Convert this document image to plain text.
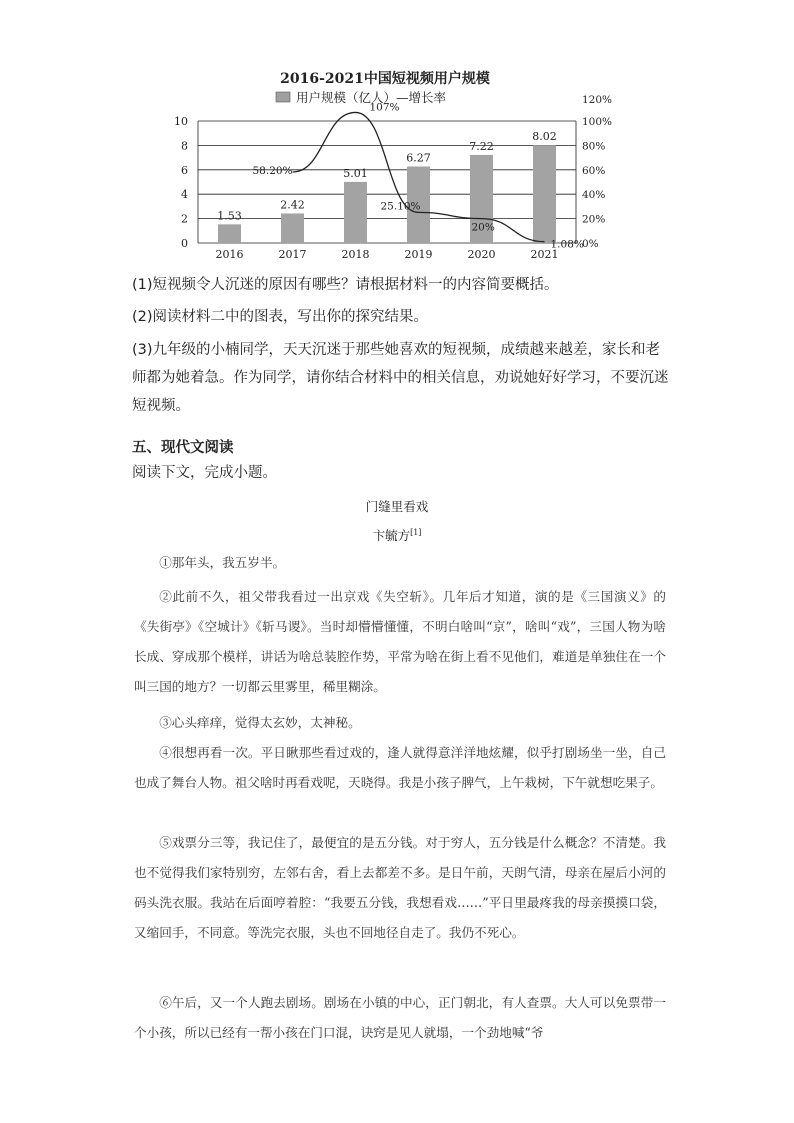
2016-2021中国短视频用户规模
用户规模（亿人） —增长率
1.53
2.42
5.01
6.27
7.22
8.02
58.20%
107%
25.10%
20%
1.08%
0
2
4
6
8
10
0%
20%
40%
60%
80%
100%
120%
2016	2017	2018	2019	2020	2021
(1)短视频令人沉迷的原因有哪些？请根据材料一的内容简要概括。
(2)阅读材料二中的图表，写出你的探究结果。
(3)九年级的小楠同学，天天沉迷于那些她喜欢的短视频，成绩越来越差，家长和老师都为她着急。作为同学，请你结合材料中的相关信息，劝说她好好学习，不要沉迷短视频。
五、现代文阅读
阅读下文，完成小题。
门缝里看戏
卞毓方[1]
①那年头，我五岁半。
②此前不久，祖父带我看过一出京戏《失空斩》。几年后才知道，演的是《三国演义》的《失街亭》《空城计》《斩马谡》。当时却懵懵懂懂，不明白啥叫“京”，啥叫“戏”，三国人物为啥长成、穿成那个模样，讲话为啥总装腔作势，平常为啥在街上看不见他们，难道是单独住在一个叫三国的地方？一切都云里雾里，稀里糊涂。
③心头痒痒，觉得太玄妙，太神秘。
④很想再看一次。平日瞅那些看过戏的，逢人就得意洋洋地炫耀，似乎打剧场坐一坐，自己也成了舞台人物。祖父啥时再看戏呢，天晓得。我是小孩子脾气，上午栽树，下午就想吃果子。
⑤戏票分三等，我记住了，最便宜的是五分钱。对于穷人，五分钱是什么概念？不清楚。我也不觉得我们家特别穷，左邻右舍，看上去都差不多。是日午前，天朗气清，母亲在屋后小河的码头洗衣服。我站在后面哼着腔：“我要五分钱，我想看戏……”平日里最疼我的母亲摸摸口袋，又缩回手，不同意。等洗完衣服，头也不回地径自走了。我仍不死心。
⑥午后，又一个人跑去剧场。剧场在小镇的中心，正门朝北，有人查票。大人可以免票带一个小孩，所以已经有一帮小孩在门口混，诀窍是见人就塌，一个劲地喊“爷
